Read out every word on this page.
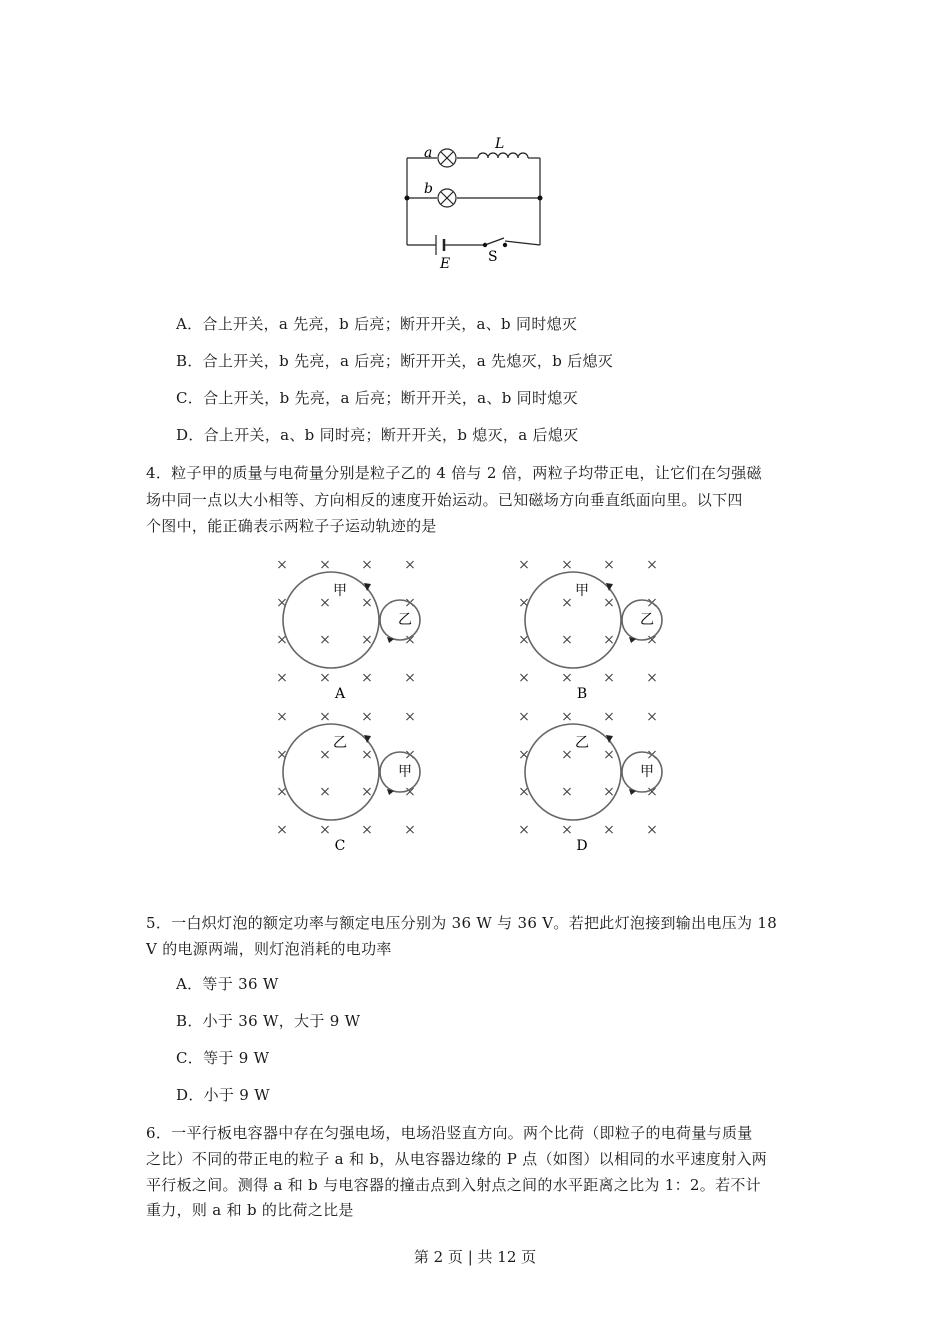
a
b
L
E	S
A．合上开关，a 先亮，b 后亮；断开开关，a、b 同时熄灭
B．合上开关，b 先亮，a 后亮；断开开关，a 先熄灭，b 后熄灭
C．合上开关，b 先亮，a 后亮；断开开关，a、b 同时熄灭
D．合上开关，a、b 同时亮；断开开关，b 熄灭，a 后熄灭
4．粒子甲的质量与电荷量分别是粒子乙的 4 倍与 2 倍，两粒子均带正电，让它们在匀强磁
场中同一点以大小相等、方向相反的速度开始运动。已知磁场方向垂直纸面向里。以下四
个图中，能正确表示两粒子子运动轨迹的是
× × × ×
× × × ×
× × × ×
× × × ×
甲
乙
A
× × × ×
× × × ×
× × × ×
× × × ×
甲
乙
B
× × × ×
× × × ×
× × × ×
× × × ×
乙
甲
C
× × × ×
× × × ×
× × × ×
× × × ×
乙
甲
D
5．一白炽灯泡的额定功率与额定电压分别为 36 W 与 36 V。若把此灯泡接到输出电压为 18
V 的电源两端，则灯泡消耗的电功率
A．等于 36 W
B．小于 36 W，大于 9 W
C．等于 9 W
D．小于 9 W
6．一平行板电容器中存在匀强电场，电场沿竖直方向。两个比荷（即粒子的电荷量与质量
之比）不同的带正电的粒子 a 和 b，从电容器边缘的 P 点（如图）以相同的水平速度射入两
平行板之间。测得 a 和 b 与电容器的撞击点到入射点之间的水平距离之比为 1：2。若不计
重力，则 a 和 b 的比荷之比是
第 2 页 | 共 12 页
